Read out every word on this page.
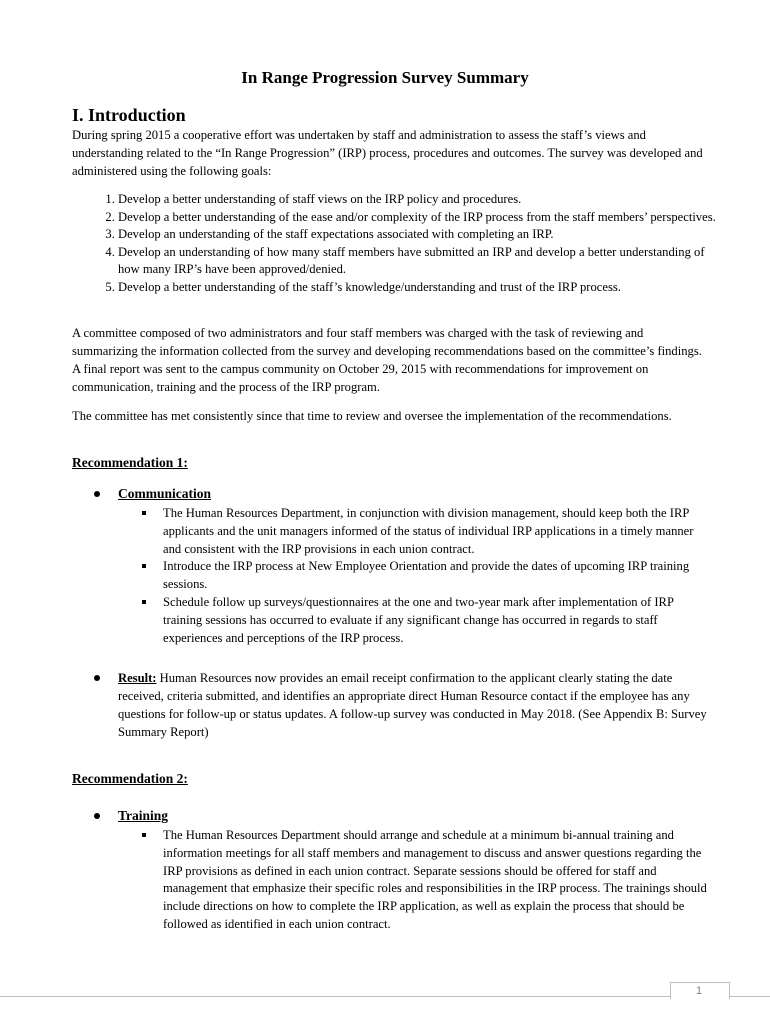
In Range Progression Survey Summary
I. Introduction

During spring 2015 a cooperative effort was undertaken by staff and administration to assess the staff’s views and understanding related to the “In Range Progression” (IRP) process, procedures and outcomes. The survey was developed and administered using the following goals:

1. Develop a better understanding of staff views on the IRP policy and procedures.
2. Develop a better understanding of the ease and/or complexity of the IRP process from the staff members’ perspectives.
3. Develop an understanding of the staff expectations associated with completing an IRP.
4. Develop an understanding of how many staff members have submitted an IRP and develop a better understanding of how many IRP’s have been approved/denied.
5. Develop a better understanding of the staff’s knowledge/understanding and trust of the IRP process.

A committee composed of two administrators and four staff members was charged with the task of reviewing and summarizing the information collected from the survey and developing recommendations based on the committee’s findings. A final report was sent to the campus community on October 29, 2015 with recommendations for improvement on communication, training and the process of the IRP program.

The committee has met consistently since that time to review and oversee the implementation of the recommendations.

Recommendation 1:
Communication
The Human Resources Department, in conjunction with division management, should keep both the IRP applicants and the unit managers informed of the status of individual IRP applications in a timely manner and consistent with the IRP provisions in each union contract.
Introduce the IRP process at New Employee Orientation and provide the dates of upcoming IRP training sessions.
Schedule follow up surveys/questionnaires at the one and two-year mark after implementation of IRP training sessions has occurred to evaluate if any significant change has occurred in regards to staff experiences and perceptions of the IRP process.
Result: Human Resources now provides an email receipt confirmation to the applicant clearly stating the date received, criteria submitted, and identifies an appropriate direct Human Resource contact if the employee has any questions for follow-up or status updates. A follow-up survey was conducted in May 2018. (See Appendix B: Survey Summary Report)
Recommendation 2:
Training
The Human Resources Department should arrange and schedule at a minimum bi-annual training and information meetings for all staff members and management to discuss and answer questions regarding the IRP provisions as defined in each union contract. Separate sessions should be offered for staff and management that emphasize their specific roles and responsibilities in the IRP process. The trainings should include directions on how to complete the IRP application, as well as explain the process that should be followed as identified in each union contract.
1
